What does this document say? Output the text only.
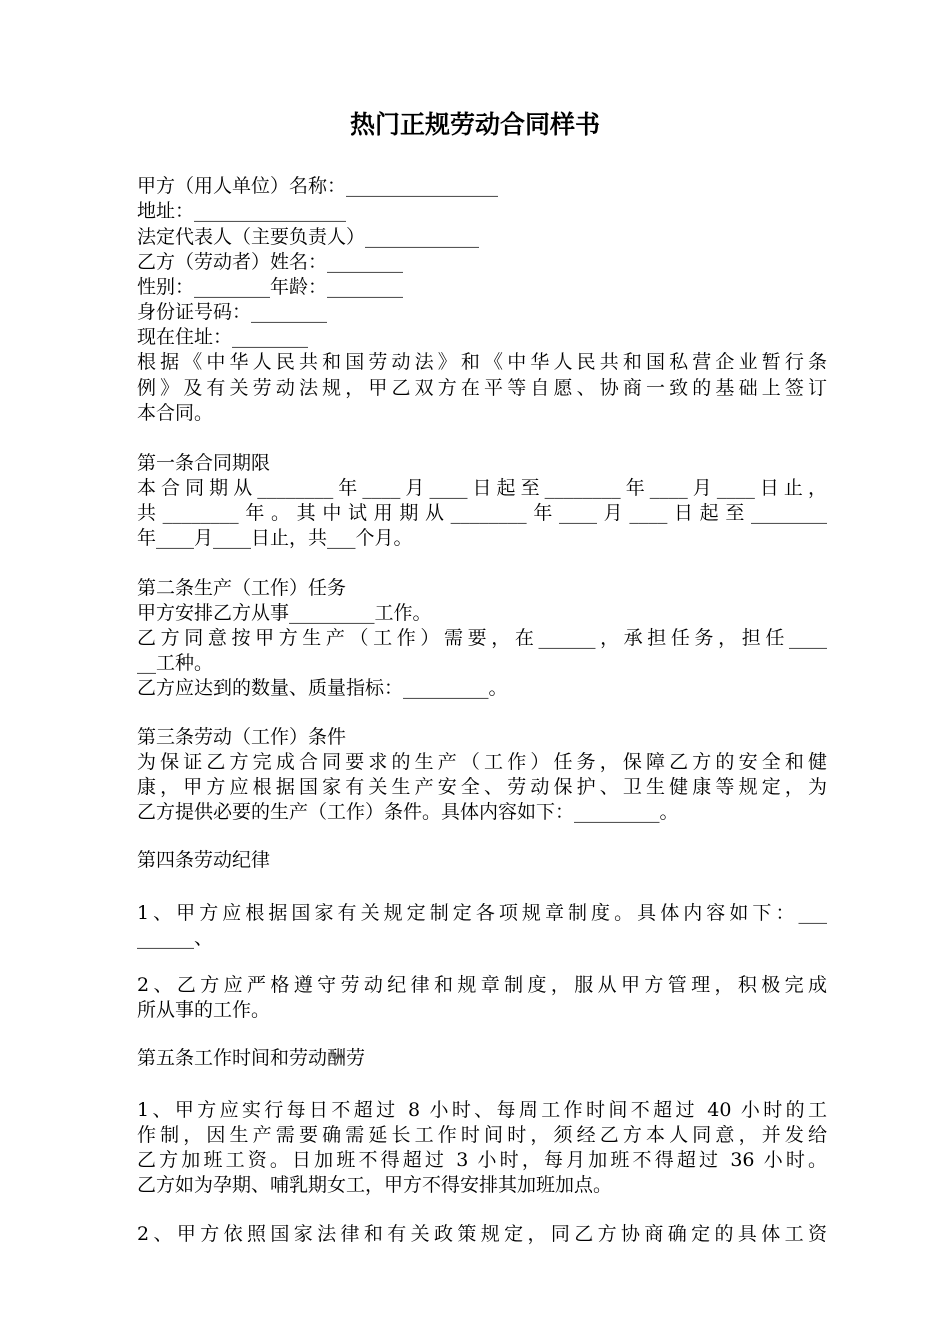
热门正规劳动合同样书
甲方（用人单位）名称：________________
地址：________________
法定代表人（主要负责人）____________
乙方（劳动者）姓名：________
性别：________年龄：________
身份证号码：________
现在住址：________
根据《中华人民共和国劳动法》和《中华人民共和国私营企业暂行条
例》及有关劳动法规，甲乙双方在平等自愿、协商一致的基础上签订
本合同。
第一条合同期限
本合同期从________年____月____日起至________年____月____日止，
共________年。其中试用期从________年____月____日起至________
年____月____日止，共___个月。
第二条生产（工作）任务
甲方安排乙方从事_________工作。
乙方同意按甲方生产（工作）需要，在______，承担任务，担任____
__工种。
乙方应达到的数量、质量指标：_________。
第三条劳动（工作）条件
为保证乙方完成合同要求的生产（工作）任务，保障乙方的安全和健
康，甲方应根据国家有关生产安全、劳动保护、卫生健康等规定，为
乙方提供必要的生产（工作）条件。具体内容如下：_________。
第四条劳动纪律
1、甲方应根据国家有关规定制定各项规章制度。具体内容如下：___
______、
2、乙方应严格遵守劳动纪律和规章制度，服从甲方管理，积极完成
所从事的工作。
第五条工作时间和劳动酬劳
1、甲方应实行每日不超过 8 小时、每周工作时间不超过 40 小时的工
作制，因生产需要确需延长工作时间时，须经乙方本人同意，并发给
乙方加班工资。日加班不得超过 3 小时，每月加班不得超过 36 小时。
乙方如为孕期、哺乳期女工，甲方不得安排其加班加点。
2、甲方依照国家法律和有关政策规定，同乙方协商确定的具体工资
